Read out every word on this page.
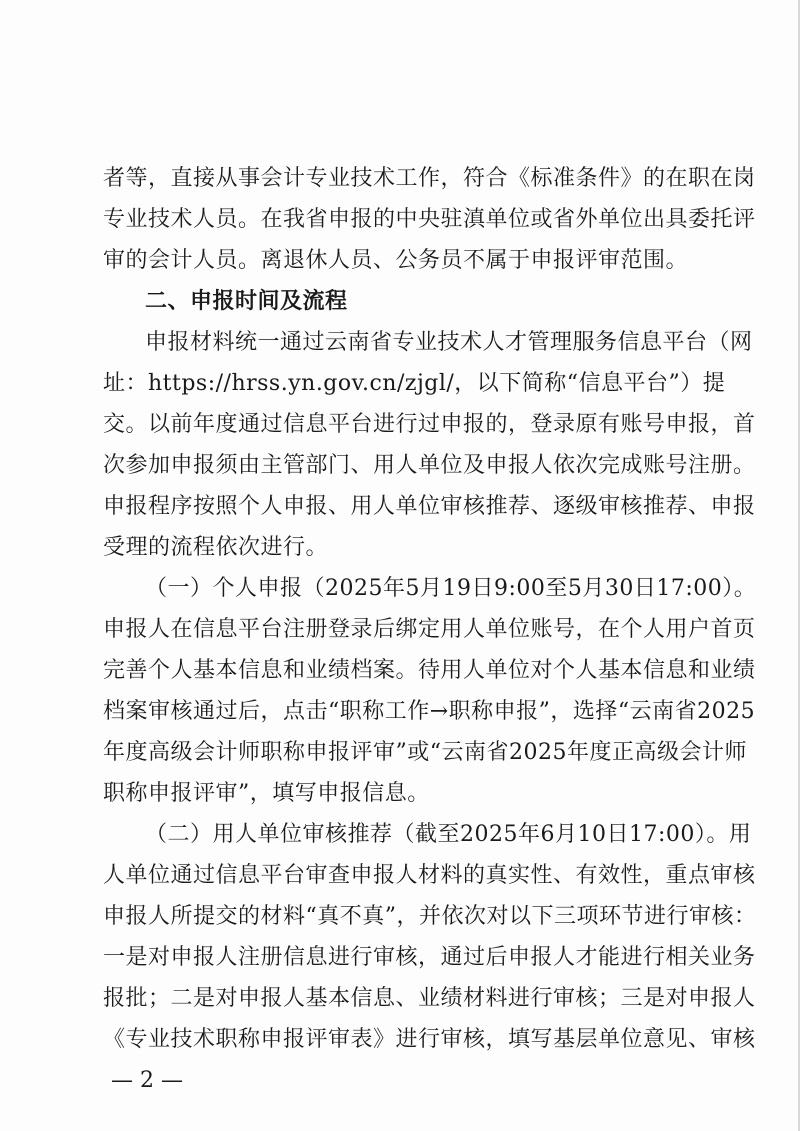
者等，直接从事会计专业技术工作，符合《标准条件》的在职在岗
专业技术人员。在我省申报的中央驻滇单位或省外单位出具委托评
审的会计人员。离退休人员、公务员不属于申报评审范围。
二、申报时间及流程
申报材料统一通过云南省专业技术人才管理服务信息平台（网
址：https://hrss.yn.gov.cn/zjgl/，以下简称“信息平台”）提
交。以前年度通过信息平台进行过申报的，登录原有账号申报，首
次参加申报须由主管部门、用人单位及申报人依次完成账号注册。
申报程序按照个人申报、用人单位审核推荐、逐级审核推荐、申报
受理的流程依次进行。
（一）个人申报（2025年5月19日9:00至5月30日17:00）。
申报人在信息平台注册登录后绑定用人单位账号，在个人用户首页
完善个人基本信息和业绩档案。待用人单位对个人基本信息和业绩
档案审核通过后，点击“职称工作→职称申报”，选择“云南省2025
年度高级会计师职称申报评审”或“云南省2025年度正高级会计师
职称申报评审”，填写申报信息。
（二）用人单位审核推荐（截至2025年6月10日17:00）。用
人单位通过信息平台审查申报人材料的真实性、有效性，重点审核
申报人所提交的材料“真不真”，并依次对以下三项环节进行审核：
一是对申报人注册信息进行审核，通过后申报人才能进行相关业务
报批；二是对申报人基本信息、业绩材料进行审核；三是对申报人
《专业技术职称申报评审表》进行审核，填写基层单位意见、审核
— 2 —
